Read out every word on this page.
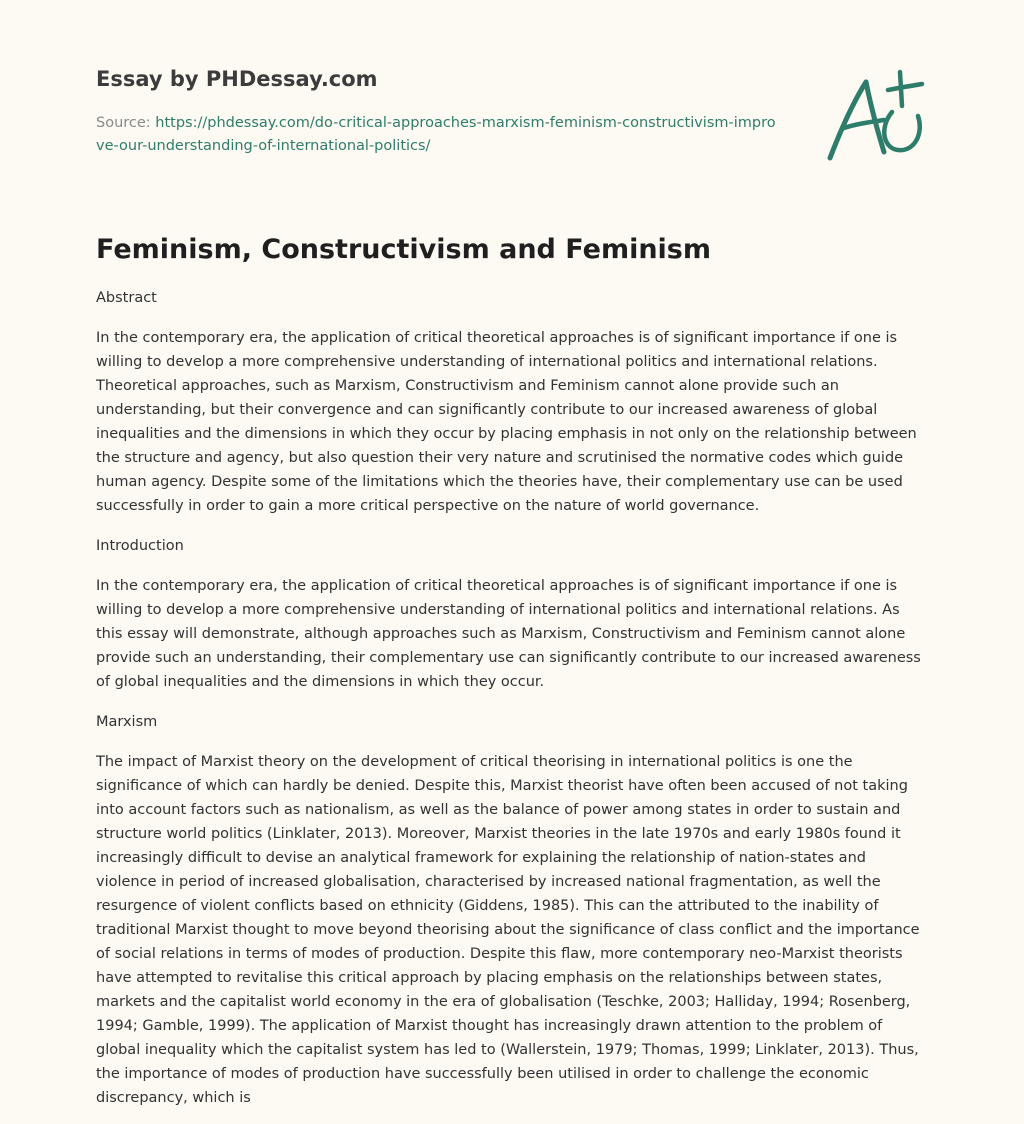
Essay by PHDessay.com
Source: https://phdessay.com/do-critical-approaches-marxism-feminism-constructivism-improve-our-understanding-of-international-politics/
Feminism, Constructivism and Feminism

Abstract

In the contemporary era, the application of critical theoretical approaches is of significant importance if one is willing to develop a more comprehensive understanding of international politics and international relations. Theoretical approaches, such as Marxism, Constructivism and Feminism cannot alone provide such an understanding, but their convergence and can significantly contribute to our increased awareness of global inequalities and the dimensions in which they occur by placing emphasis in not only on the relationship between the structure and agency, but also question their very nature and scrutinised the normative codes which guide human agency. Despite some of the limitations which the theories have, their complementary use can be used successfully in order to gain a more critical perspective on the nature of world governance.

Introduction

In the contemporary era, the application of critical theoretical approaches is of significant importance if one is willing to develop a more comprehensive understanding of international politics and international relations. As this essay will demonstrate, although approaches such as Marxism, Constructivism and Feminism cannot alone provide such an understanding, their complementary use can significantly contribute to our increased awareness of global inequalities and the dimensions in which they occur.

Marxism

The impact of Marxist theory on the development of critical theorising in international politics is one the significance of which can hardly be denied. Despite this, Marxist theorist have often been accused of not taking into account factors such as nationalism, as well as the balance of power among states in order to sustain and structure world politics (Linklater, 2013). Moreover, Marxist theories in the late 1970s and early 1980s found it increasingly difficult to devise an analytical framework for explaining the relationship of nation-states and violence in period of increased globalisation, characterised by increased national fragmentation, as well the resurgence of violent conflicts based on ethnicity (Giddens, 1985). This can the attributed to the inability of traditional Marxist thought to move beyond theorising about the significance of class conflict and the importance of social relations in terms of modes of production. Despite this flaw, more contemporary neo-Marxist theorists have attempted to revitalise this critical approach by placing emphasis on the relationships between states, markets and the capitalist world economy in the era of globalisation (Teschke, 2003; Halliday, 1994; Rosenberg, 1994; Gamble, 1999). The application of Marxist thought has increasingly drawn attention to the problem of global inequality which the capitalist system has led to (Wallerstein, 1979; Thomas, 1999; Linklater, 2013). Thus, the importance of modes of production have successfully been utilised in order to challenge the economic discrepancy, which is
